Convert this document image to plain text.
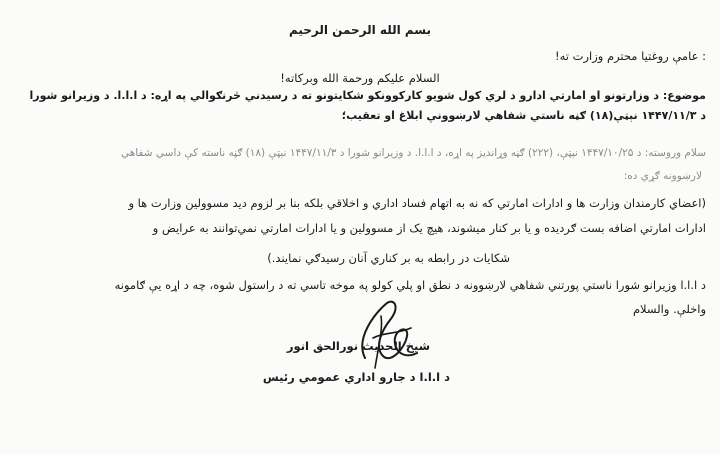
بسم الله الرحمن الرحيم
: عامې روغتيا محترم وزارت ته!
السلام عليكم ورحمة الله وبركاته!
موضوع: د وزارتونو او امارتي ادارو د لري کول شويو کارکوونکو شکايتونو ته د رسيدني څرنګوالي په اړه: د ا.ا.ا. د وزيرانو شورا
د ۱۴۴۷/۱۱/۳ نېټې(۱۸) ګڼه ناستي شفاهي لارښوونې ابلاغ او تعقيب؛
سلام وروسته: د ۱۴۴۷/۱۰/۲۵ نېټې، (۲۲۲) ګڼه وړانديز په اړه، د ا.ا.ا. د وزيرانو شورا د ۱۴۴۷/۱۱/۳ نېټې (۱۸) ګڼه ناسته کې داسي شفاهي
لارښوونه ګړي ده:
(اعضاي کارمندان وزارت ها و ادارات امارتي که نه به اتهام فساد اداري و اخلاقي بلکه بنا بر لزوم ديد مسوولين وزارت ها و
ادارات امارتي اضافه بست ګرديده و يا بر کنار ميشوند، هيچ يک از مسوولين و يا ادارات امارتي نمي‌توانند به عرايض و
شکايات در رابطه به بر کناري آنان رسيدګي نمايند.)
د ا.ا.ا وزيرانو شورا ناستي پورتني شفاهي لارښوونه د نطق او پلي کولو په موخه تاسي ته د راستول شوه، چه د اړه يې ګامونه
واخلې. والسلام
شيخ الحديث نورالحق انور
د ا.ا.ا د جارو اداري عمومي رئيس
